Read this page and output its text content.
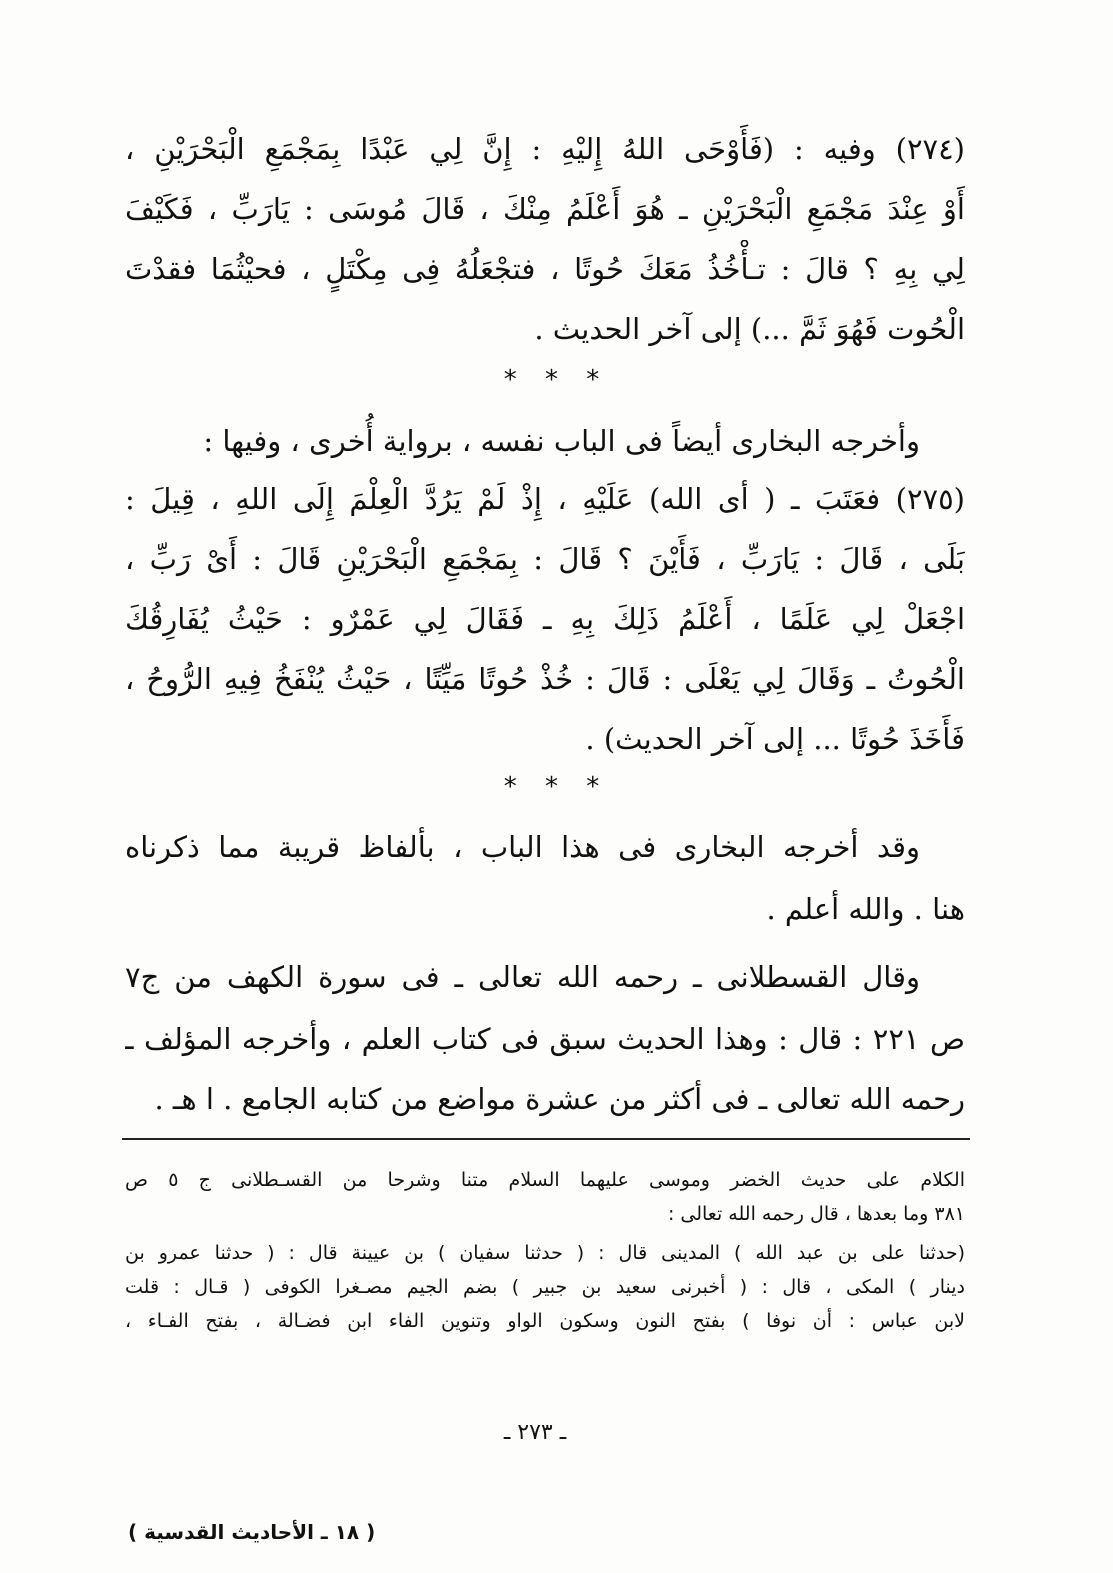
(٢٧٤) وفيه : (فَأَوْحَى اللهُ إِليْهِ : إِنَّ لِي عَبْدًا بِمَجْمَعِ الْبَحْرَيْنِ ،
أَوْ عِنْدَ مَجْمَعِ الْبَحْرَيْنِ ـ هُوَ أَعْلَمُ مِنْكَ ، قَالَ مُوسَى : يَارَبِّ ، فَكَيْفَ
لِي بِهِ ؟ قالَ : تـأْخُذُ مَعَكَ حُوتًا ، فتجْعَلُهُ فِى مِكْتَلٍ ، فحيْثُمَا فقدْتَ
الْحُوت فَهُوَ ثَمَّ ...) إلى آخر الحديث .
وأخرجه البخارى أيضاً فى الباب نفسه ، برواية أُخرى ، وفيها :
(٢٧٥) فعَتَبَ ـ ( أى الله) عَلَيْهِ ، إِذْ لَمْ يَرُدَّ الْعِلْمَ إِلَى اللهِ ، قِيلَ :
بَلَى ، قَالَ : يَارَبِّ ، فَأَيْنَ ؟ قَالَ : بِمَجْمَعِ الْبَحْرَيْنِ قَالَ : أَىْ رَبِّ ،
اجْعَلْ لِي عَلَمًا ، أَعْلَمُ ذَلِكَ بِهِ ـ فَقَالَ لِي عَمْرٌو : حَيْثُ يُفَارِقُكَ
الْحُوتُ ـ وَقَالَ لِي يَعْلَى : قَالَ : خُذْ حُوتًا مَيِّتًا ، حَيْثُ يُنْفَخُ فِيهِ الرُّوحُ ،
فَأَخَذَ حُوتًا ... إلى آخر الحديث) .
وقد أخرجه البخارى فى هذا الباب ، بألفاظ قريبة مما ذكرناه
هنا . والله أعلم .
وقال القسطلانى ـ رحمه الله تعالى ـ فى سورة الكهف من ج٧
ص ٢٢١ : قال : وهذا الحديث سبق فى كتاب العلم ، وأخرجه المؤلف ـ
رحمه الله تعالى ـ فى أكثر من عشرة مواضع من كتابه الجامع . ا هـ .
* * *
* * *
الكلام على حديث الخضر وموسى عليهما السلام متنا وشرحا من القسـطلانى ج ٥ ص
٣٨١ وما بعدها ، قال رحمه الله تعالى :
(حدثنا على بن عبد الله ) المدينى قال : ( حدثنا سفيان ) بن عيينة قال : ( حدثنا عمرو بن
دينار ) المكى ، قال : ( أخبرنى سعيد بن جبير ) بضم الجيم مصـغرا الكوفى ( قـال : قلت
لابن عباس : أن نوفا ) بفتح النون وسكون الواو وتنوين الفاء ابن فضـالة ، بفتح الفـاء ،
ـ ٢٧٣ ـ
( ١٨ ـ الأحاديث القدسية )
